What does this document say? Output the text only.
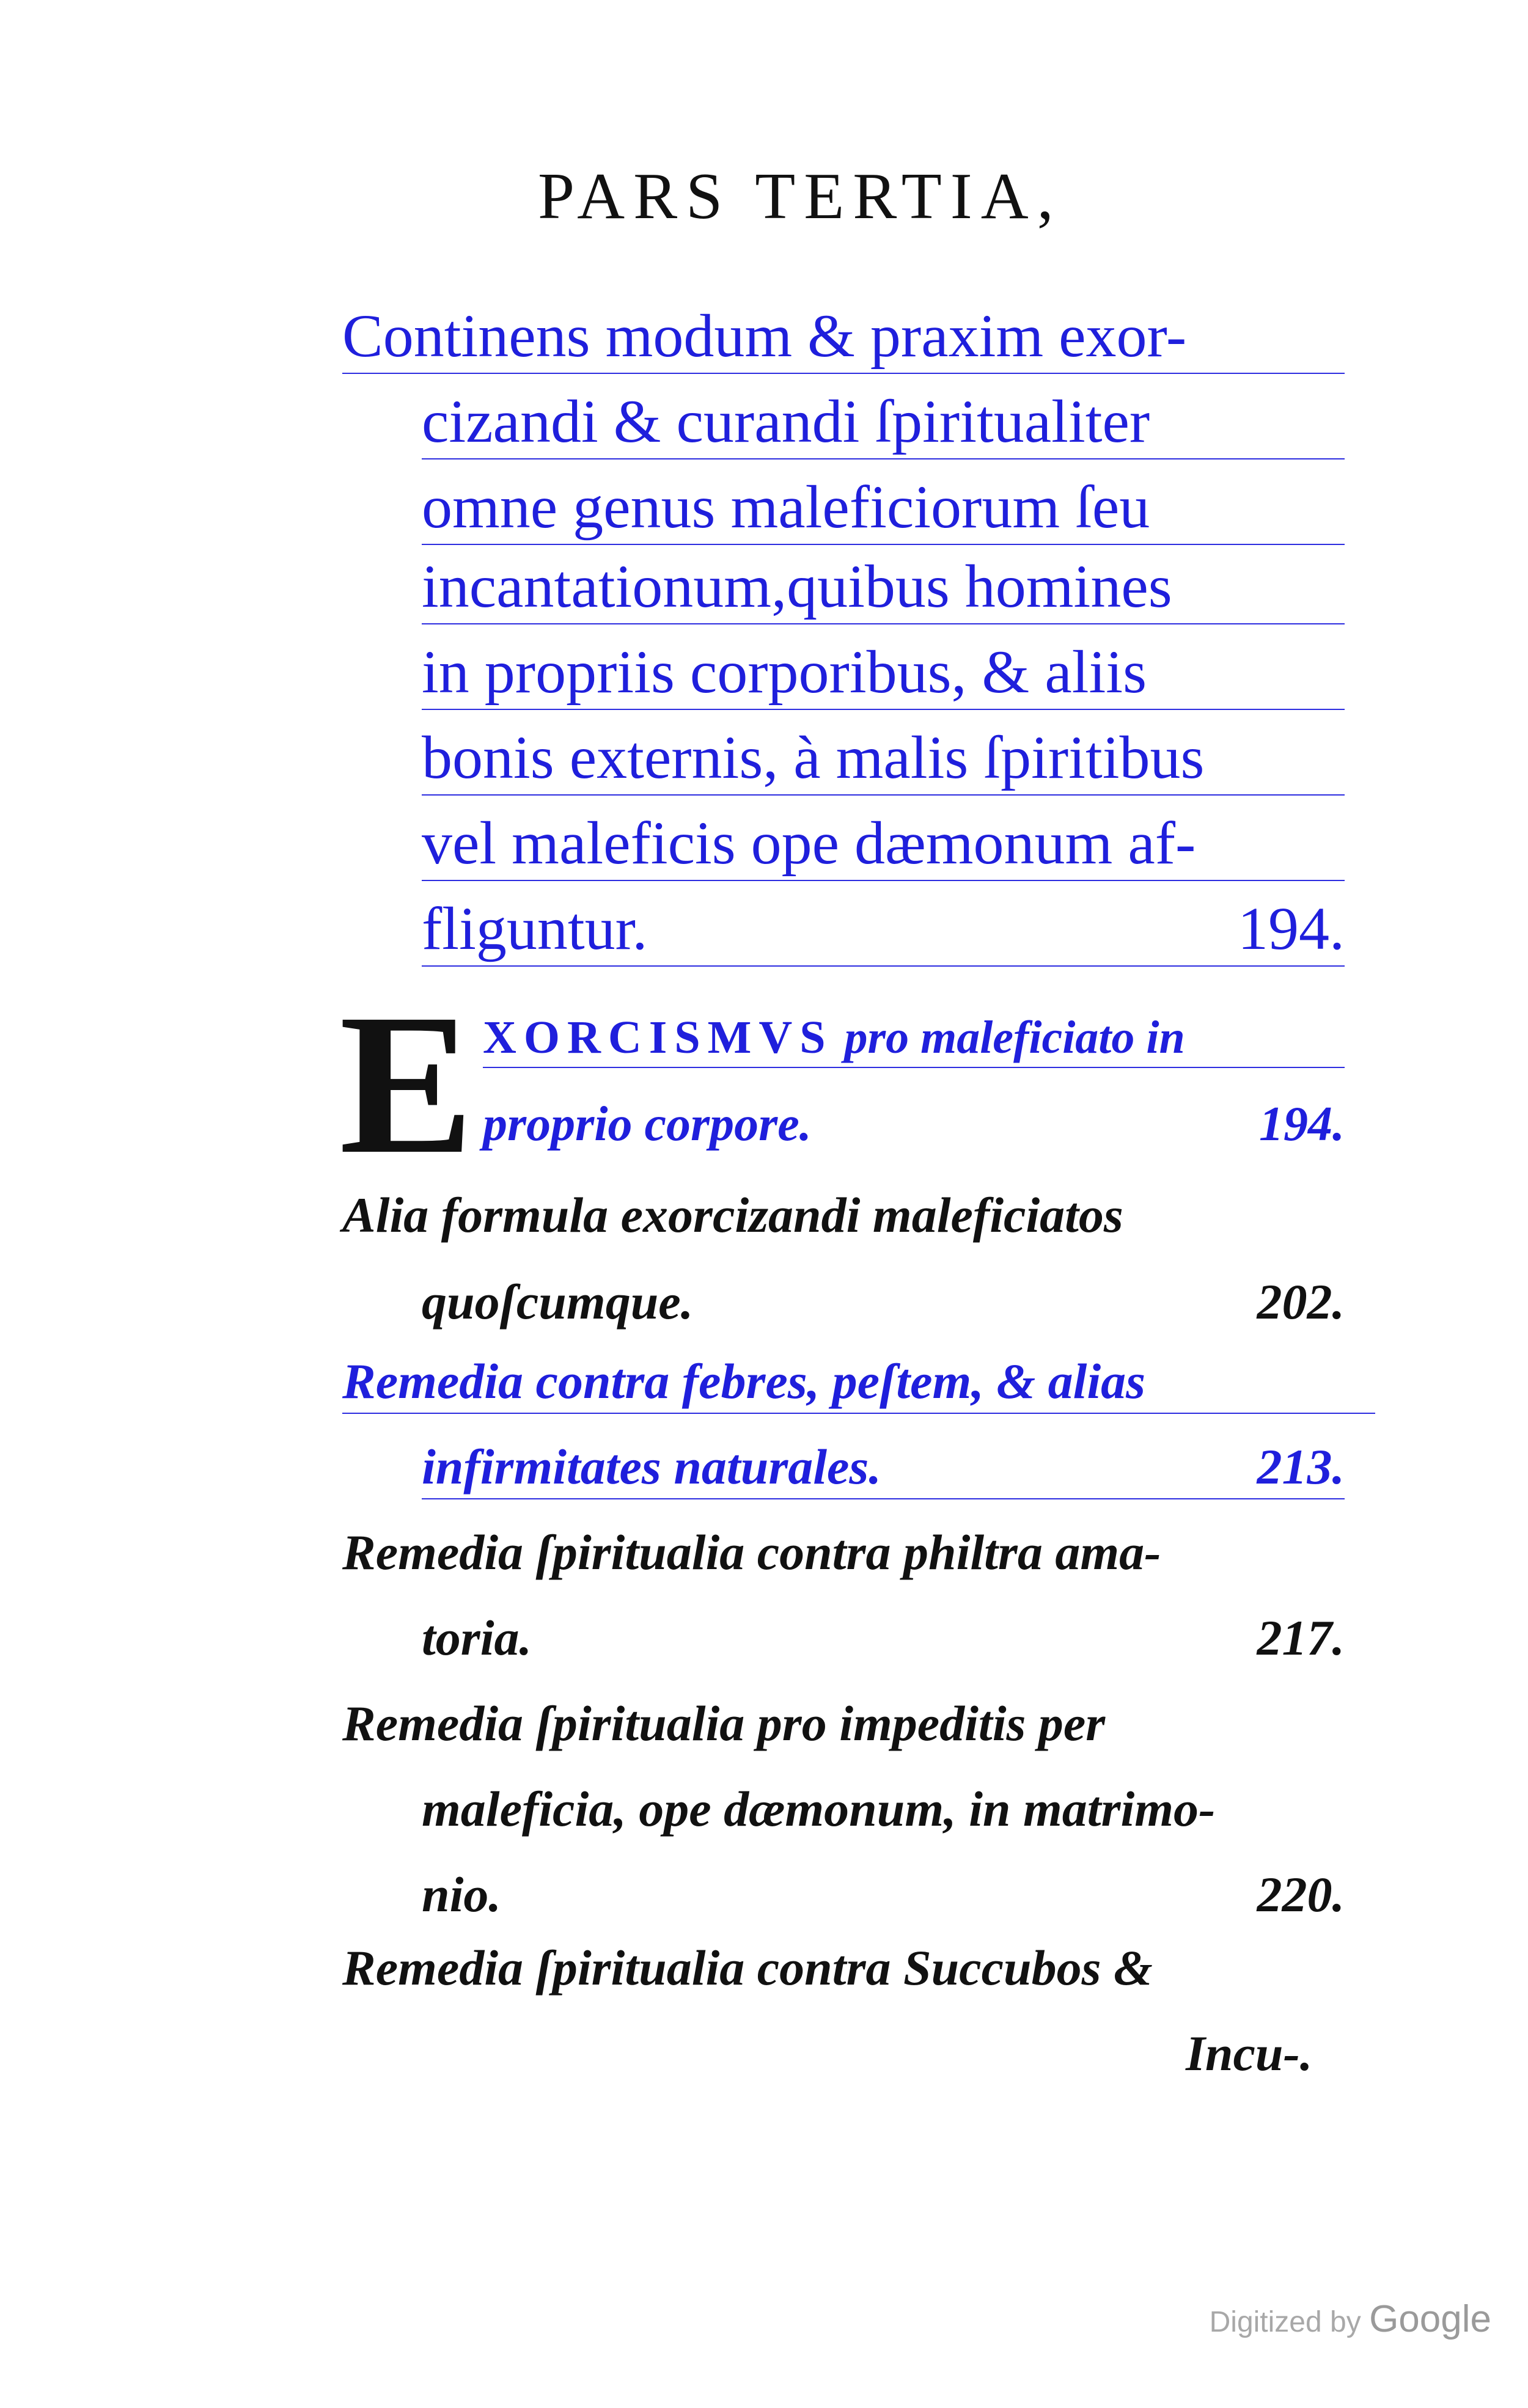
PARS TERTIA,
Continens modum & praxim exor-
cizandi & curandi ſpiritualiter
omne genus maleficiorum ſeu
incantationum,quibus homines
in propriis corporibus, & aliis
bonis externis, à malis ſpiritibus
vel maleficis ope dæmonum af-
fliguntur.	194.
E XORCISMVS pro maleficiato in
proprio corpore.	194.
Alia formula exorcizandi maleficiatos
quoſcumque.	202.
Remedia contra febres, peſtem, & alias
infirmitates naturales.	213.
Remedia ſpiritualia contra philtra ama-
toria.	217.
Remedia ſpiritualia pro impeditis per
maleficia, ope dæmonum, in matrimo-
nio.	220.
Remedia ſpiritualia contra Succubos &
Incu-.
Digitized by Google
